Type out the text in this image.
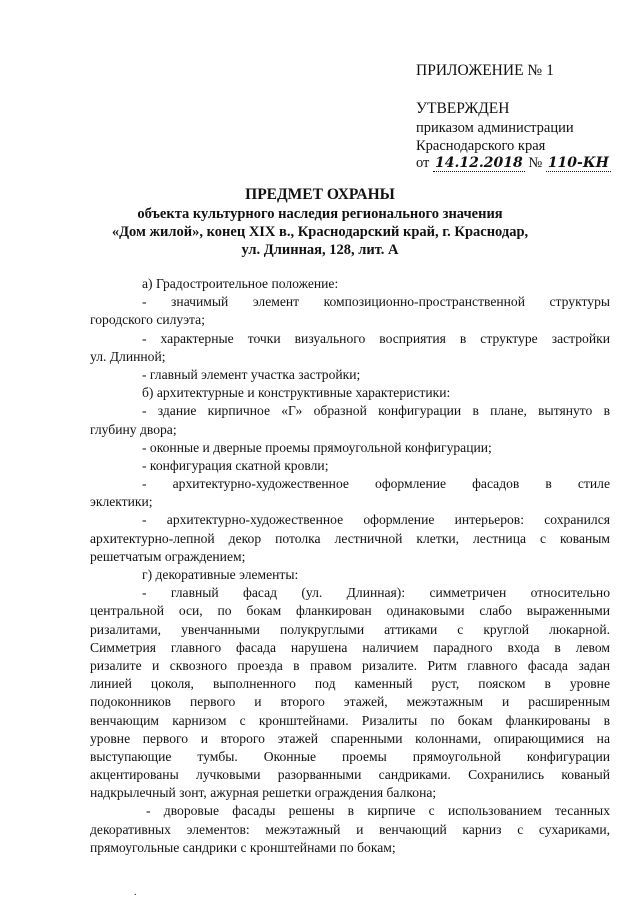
ПРИЛОЖЕНИЕ № 1
УТВЕРЖДЕН
приказом администрации
Краснодарского края
от 14.12.2018 № 110-КН
ПРЕДМЕТ ОХРАНЫ
объекта культурного наследия регионального значения
«Дом жилой», конец XIX в., Краснодарский край, г. Краснодар,
ул. Длинная, 128, лит. А
а) Градостроительное положение:
- значимый элемент композиционно-пространственной структуры
городского силуэта;
- характерные точки визуального восприятия в структуре застройки
ул. Длинной;
- главный элемент участка застройки;
б) архитектурные и конструктивные характеристики:
- здание кирпичное «Г» образной конфигурации в плане, вытянуто в
глубину двора;
- оконные и дверные проемы прямоугольной конфигурации;
- конфигурация скатной кровли;
- архитектурно-художественное оформление фасадов в стиле
эклектики;
- архитектурно-художественное оформление интерьеров: сохранился
архитектурно-лепной декор потолка лестничной клетки, лестница с кованым
решетчатым ограждением;
г) декоративные элементы:
- главный фасад (ул. Длинная): симметричен относительно
центральной оси, по бокам фланкирован одинаковыми слабо выраженными
ризалитами, увенчанными полукруглыми аттиками с круглой люкарной.
Симметрия главного фасада нарушена наличием парадного входа в левом
ризалите и сквозного проезда в правом ризалите. Ритм главного фасада задан
линией цоколя, выполненного под каменный руст, пояском в уровне
подоконников первого и второго этажей, межэтажным и расширенным
венчающим карнизом с кронштейнами. Ризалиты по бокам фланкированы в
уровне первого и второго этажей спаренными колоннами, опирающимися на
выступающие тумбы. Оконные проемы прямоугольной конфигурации
акцентированы лучковыми разорванными сандриками. Сохранились кованый
надкрылечный зонт, ажурная решетки ограждения балкона;
- дворовые фасады решены в кирпиче с использованием тесанных
декоративных элементов: межэтажный и венчающий карниз с сухариками,
прямоугольные сандрики с кронштейнами по бокам;
.
